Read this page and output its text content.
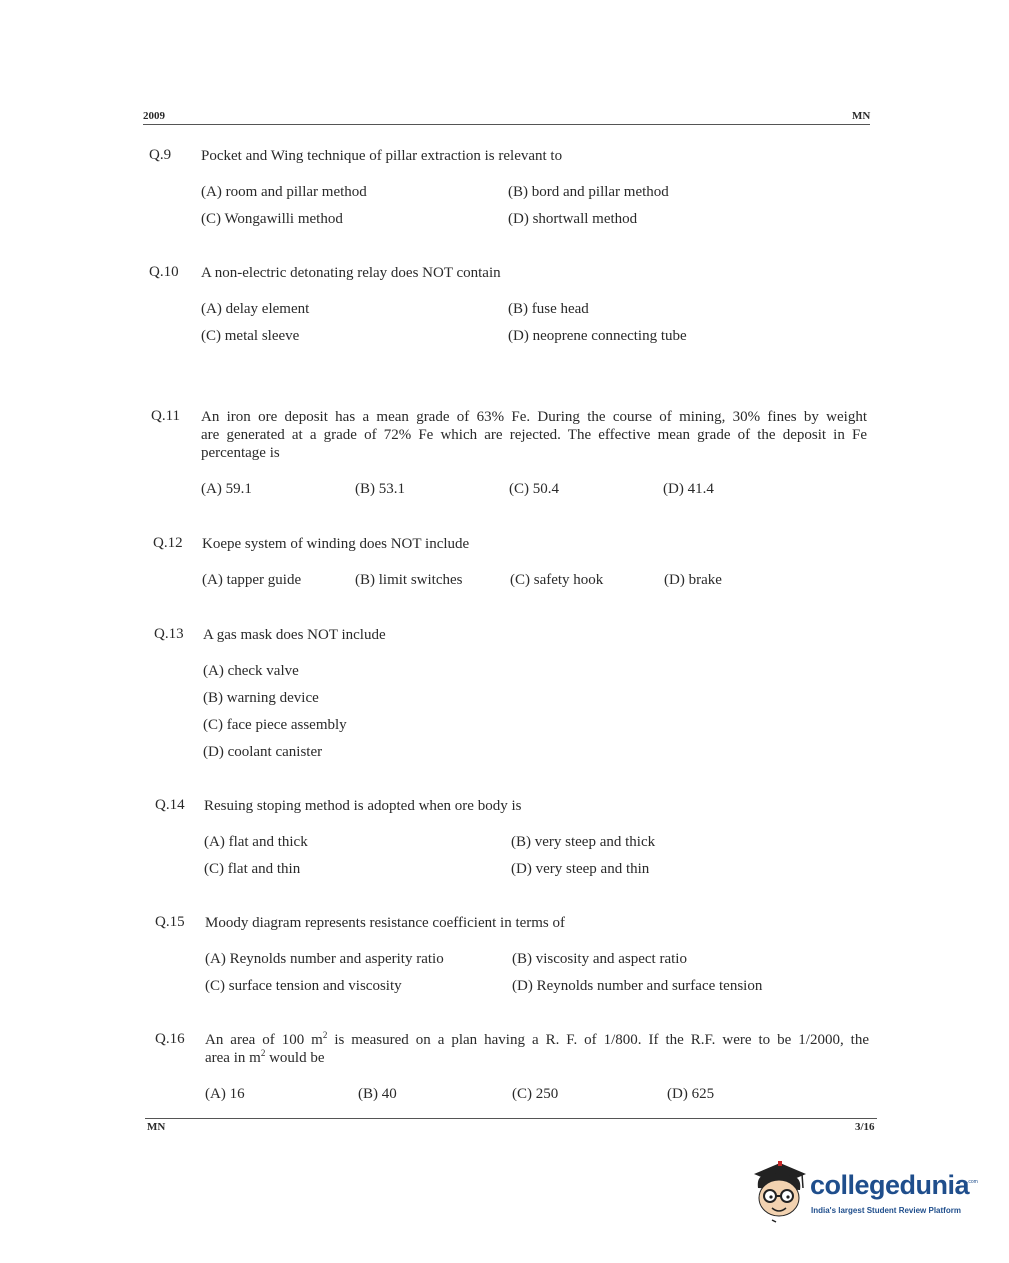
2009	MN
Q.9 Pocket and Wing technique of pillar extraction is relevant to
(A) room and pillar method	(B) bord and pillar method
(C) Wongawilli method	(D) shortwall method
Q.10 A non-electric detonating relay does NOT contain
(A) delay element	(B) fuse head
(C) metal sleeve	(D) neoprene connecting tube
Q.11 An iron ore deposit has a mean grade of 63% Fe. During the course of mining, 30% fines by weight
are generated at a grade of 72% Fe which are rejected. The effective mean grade of the deposit in Fe
percentage is
(A) 59.1	(B) 53.1	(C) 50.4	(D) 41.4
Q.12 Koepe system of winding does NOT include
(A) tapper guide	(B) limit switches	(C) safety hook	(D) brake
Q.13 A gas mask does NOT include
(A) check valve
(B) warning device
(C) face piece assembly
(D) coolant canister
Q.14 Resuing stoping method is adopted when ore body is
(A) flat and thick	(B) very steep and thick
(C) flat and thin	(D) very steep and thin
Q.15 Moody diagram represents resistance coefficient in terms of
(A) Reynolds number and asperity ratio	(B) viscosity and aspect ratio
(C) surface tension and viscosity	(D) Reynolds number and surface tension
Q.16 An area of 100 $m^2$ is measured on a plan having a R. F. of 1/800. If the R.F. were to be 1/2000, the
area in $m^2$ would be
(A) 16	(B) 40	(C) 250	(D) 625
MN	3/16
collegedunia
.com
India's largest Student Review Platform
